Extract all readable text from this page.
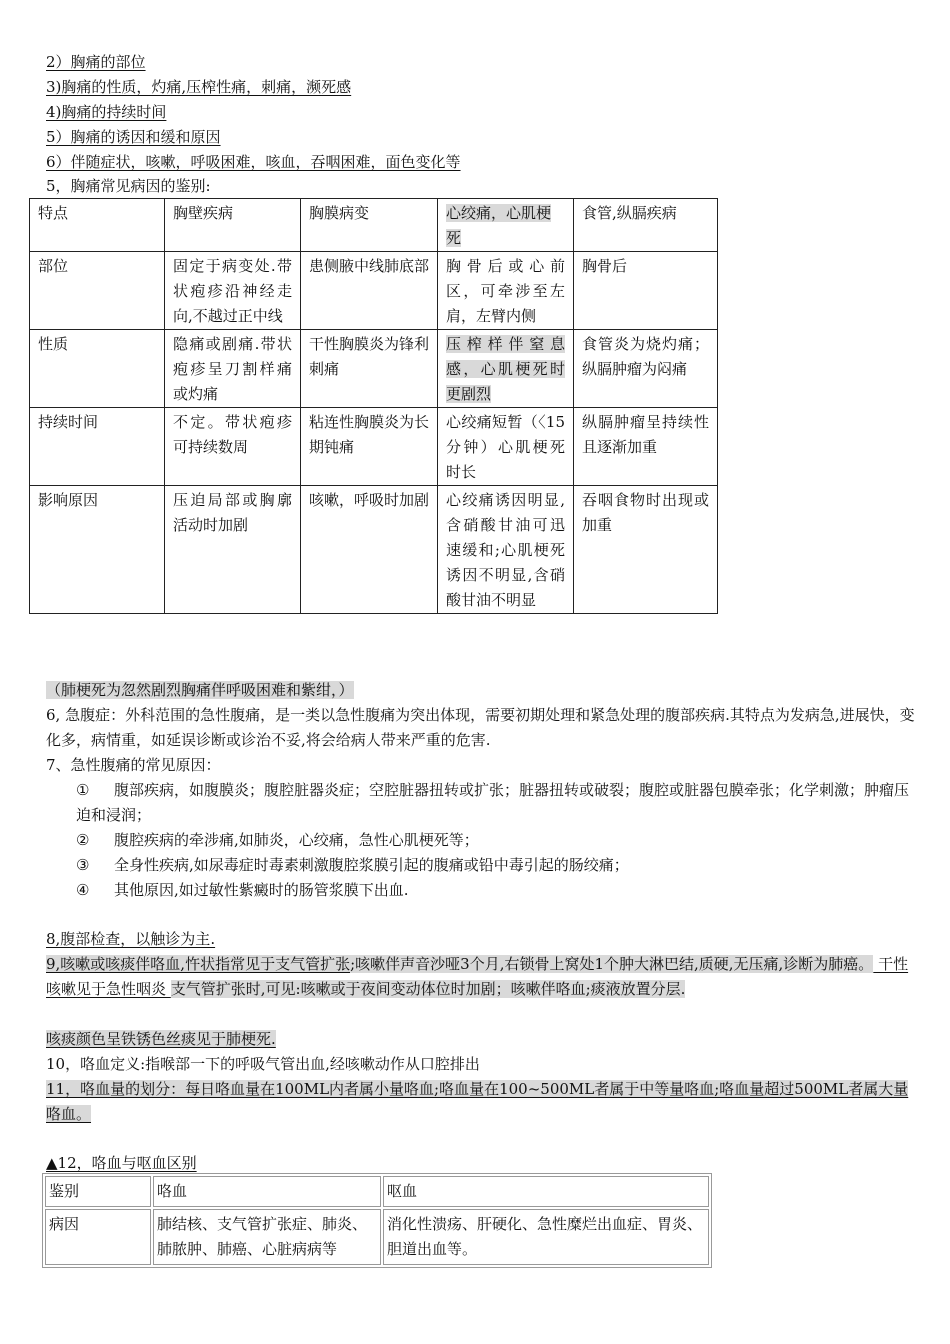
2）胸痛的部位
3)胸痛的性质，灼痛,压榨性痛，刺痛，濒死感
4)胸痛的持续时间
5）胸痛的诱因和缓和原因
6）伴随症状，咳嗽，呼吸困难，咳血，吞咽困难，面色变化等
5，胸痛常见病因的鉴别:
特点	胸壁疾病	胸膜病变	心绞痛，心肌梗死	食管,纵膈疾病
部位	固定于病变处.带状疱疹沿神经走向,不越过正中线	患侧腋中线肺底部	胸骨后或心前区，可牵涉至左肩，左臂内侧	胸骨后
性质	隐痛或剧痛.带状疱疹呈刀割样痛或灼痛	干性胸膜炎为锋利刺痛	压榨样伴窒息感，心肌梗死时更剧烈	食管炎为烧灼痛；纵膈肿瘤为闷痛
持续时间	不定。带状疱疹可持续数周	粘连性胸膜炎为长期钝痛	心绞痛短暂（〈15分钟）心肌梗死时长	纵膈肿瘤呈持续性且逐渐加重
影响原因	压迫局部或胸廓活动时加剧	咳嗽，呼吸时加剧	心绞痛诱因明显,含硝酸甘油可迅速缓和;心肌梗死诱因不明显,含硝酸甘油不明显	吞咽食物时出现或加重
（肺梗死为忽然剧烈胸痛伴呼吸困难和紫绀，）
6, 急腹症：外科范围的急性腹痛，是一类以急性腹痛为突出体现，需要初期处理和紧急处理的腹部疾病.其特点为发病急,进展快，变化多，病情重，如延误诊断或诊治不妥,将会给病人带来严重的危害.
7、急性腹痛的常见原因：
① 腹部疾病，如腹膜炎；腹腔脏器炎症；空腔脏器扭转或扩张；脏器扭转或破裂；腹腔或脏器包膜牵张；化学刺激；肿瘤压迫和浸润；
② 腹腔疾病的牵涉痛,如肺炎，心绞痛，急性心肌梗死等；
③ 全身性疾病,如尿毒症时毒素刺激腹腔浆膜引起的腹痛或铅中毒引起的肠绞痛；
④ 其他原因,如过敏性紫癜时的肠管浆膜下出血.
8,腹部检查，以触诊为主.
9,咳嗽或咳痰伴咯血,忤状指常见于支气管扩张;咳嗽伴声音沙哑3个月,右锁骨上窝处1个肿大淋巴结,质硬,无压痛,诊断为肺癌。 干性咳嗽见于急性咽炎 支气管扩张时,可见:咳嗽或于夜间变动体位时加剧；咳嗽伴咯血;痰液放置分层.
咳痰颜色呈铁锈色丝痰见于肺梗死.
10，咯血定义:指喉部一下的呼吸气管出血,经咳嗽动作从口腔排出
11，咯血量的划分：每日咯血量在100ML内者属小量咯血;咯血量在100~500ML者属于中等量咯血;咯血量超过500ML者属大量咯血。
▲12，咯血与呕血区别
鉴别	咯血	呕血
病因	肺结核、支气管扩张症、肺炎、肺脓肿、肺癌、心脏病病等	消化性溃疡、肝硬化、急性糜烂出血症、胃炎、胆道出血等。
